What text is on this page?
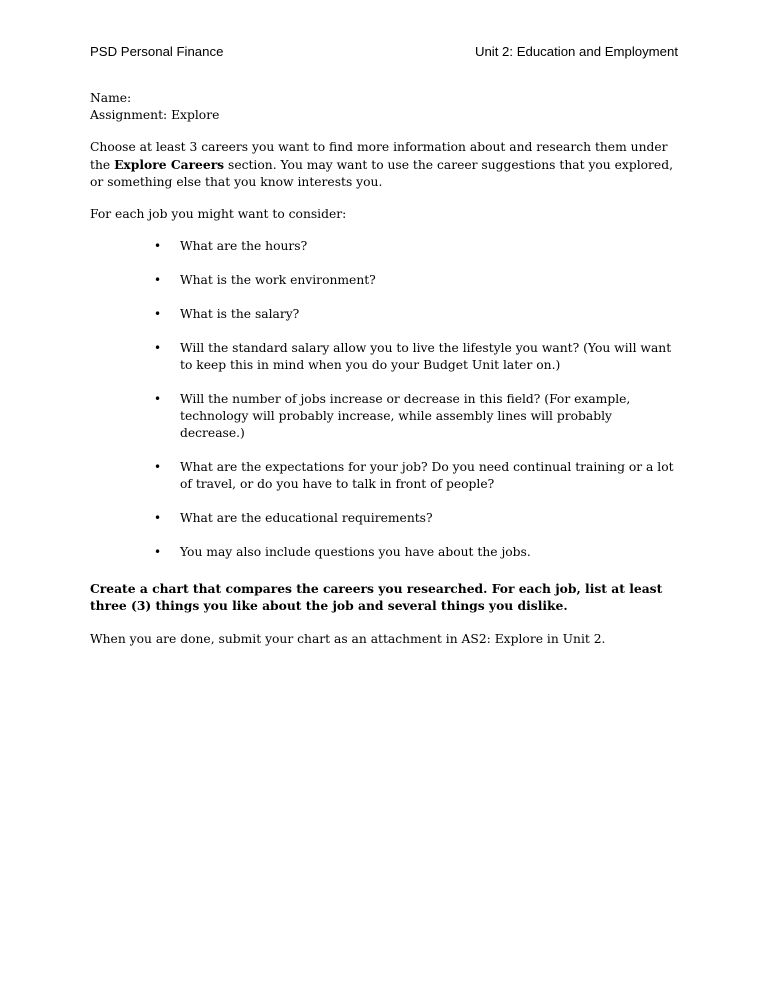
PSD Personal Finance	Unit 2: Education and Employment

Name:

Assignment: Explore

Choose at least 3 careers you want to find more information about and research them under the Explore Careers section. You may want to use the career suggestions that you explored, or something else that you know interests you.

For each job you might want to consider:

• What are the hours?
• What is the work environment?
• What is the salary?
• Will the standard salary allow you to live the lifestyle you want? (You will want to keep this in mind when you do your Budget Unit later on.)
• Will the number of jobs increase or decrease in this field? (For example, technology will probably increase, while assembly lines will probably decrease.)
• What are the expectations for your job? Do you need continual training or a lot of travel, or do you have to talk in front of people?
• What are the educational requirements?
• You may also include questions you have about the jobs.

Create a chart that compares the careers you researched. For each job, list at least three (3) things you like about the job and several things you dislike.

When you are done, submit your chart as an attachment in AS2: Explore in Unit 2.
